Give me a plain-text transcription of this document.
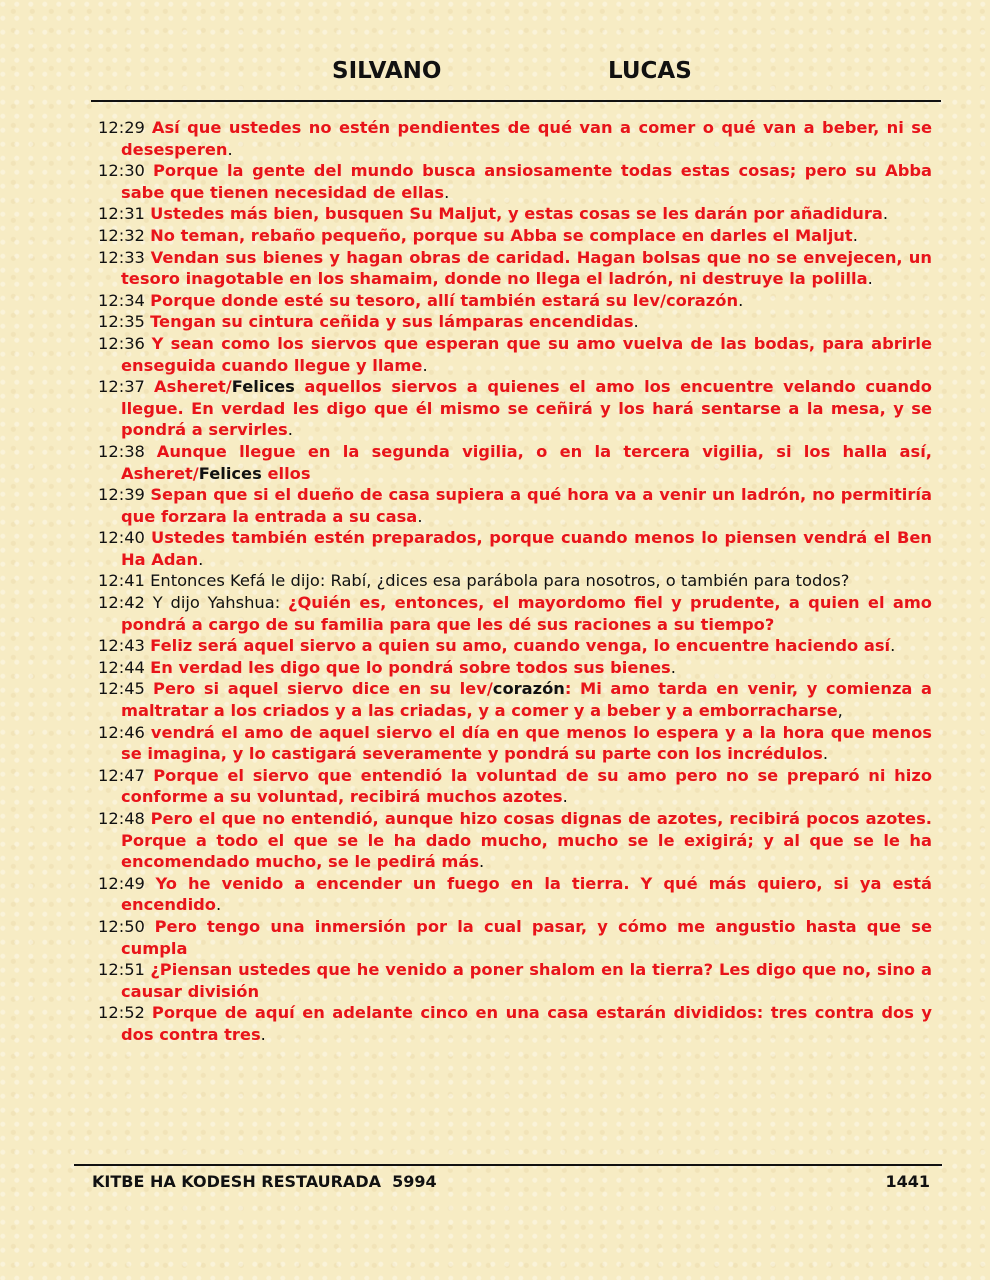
SILVANO	LUCAS

12:29 Así que ustedes no estén pendientes de qué van a comer o qué van a beber, ni se desesperen.

12:30 Porque la gente del mundo busca ansiosamente todas estas cosas; pero su Abba sabe que tienen necesidad de ellas.

12:31 Ustedes más bien, busquen Su Maljut, y estas cosas se les darán por añadidura.

12:32 No teman, rebaño pequeño, porque su Abba se complace en darles el Maljut.

12:33 Vendan sus bienes y hagan obras de caridad. Hagan bolsas que no se envejecen, un tesoro inagotable en los shamaim, donde no llega el ladrón, ni destruye la polilla.

12:34 Porque donde esté su tesoro, allí también estará su lev/corazón.

12:35 Tengan su cintura ceñida y sus lámparas encendidas.

12:36 Y sean como los siervos que esperan que su amo vuelva de las bodas, para abrirle enseguida cuando llegue y llame.

12:37 Asheret/Felices aquellos siervos a quienes el amo los encuentre velando cuando llegue. En verdad les digo que él mismo se ceñirá y los hará sentarse a la mesa, y se pondrá a servirles.

12:38 Aunque llegue en la segunda vigilia, o en la tercera vigilia, si los halla así, Asheret/Felices ellos

12:39 Sepan que si el dueño de casa supiera a qué hora va a venir un ladrón, no permitiría que forzara la entrada a su casa.

12:40 Ustedes también estén preparados, porque cuando menos lo piensen vendrá el Ben Ha Adan.

12:41 Entonces Kefá le dijo: Rabí, ¿dices esa parábola para nosotros, o también para todos?

12:42 Y dijo Yahshua: ¿Quién es, entonces, el mayordomo fiel y prudente, a quien el amo pondrá a cargo de su familia para que les dé sus raciones a su tiempo?

12:43 Feliz será aquel siervo a quien su amo, cuando venga, lo encuentre haciendo así.

12:44 En verdad les digo que lo pondrá sobre todos sus bienes.

12:45 Pero si aquel siervo dice en su lev/corazón: Mi amo tarda en venir, y comienza a maltratar a los criados y a las criadas, y a comer y a beber y a emborracharse,

12:46 vendrá el amo de aquel siervo el día en que menos lo espera y a la hora que menos se imagina, y lo castigará severamente y pondrá su parte con los incrédulos.

12:47 Porque el siervo que entendió la voluntad de su amo pero no se preparó ni hizo conforme a su voluntad, recibirá muchos azotes.

12:48 Pero el que no entendió, aunque hizo cosas dignas de azotes, recibirá pocos azotes. Porque a todo el que se le ha dado mucho, mucho se le exigirá; y al que se le ha encomendado mucho, se le pedirá más.

12:49 Yo he venido a encender un fuego en la tierra. Y qué más quiero, si ya está encendido.

12:50 Pero tengo una inmersión por la cual pasar, y cómo me angustio hasta que se cumpla

12:51 ¿Piensan ustedes que he venido a poner shalom en la tierra? Les digo que no, sino a causar división

12:52 Porque de aquí en adelante cinco en una casa estarán divididos: tres contra dos y dos contra tres.

KITBE HA KODESH RESTAURADA  5994	1441
